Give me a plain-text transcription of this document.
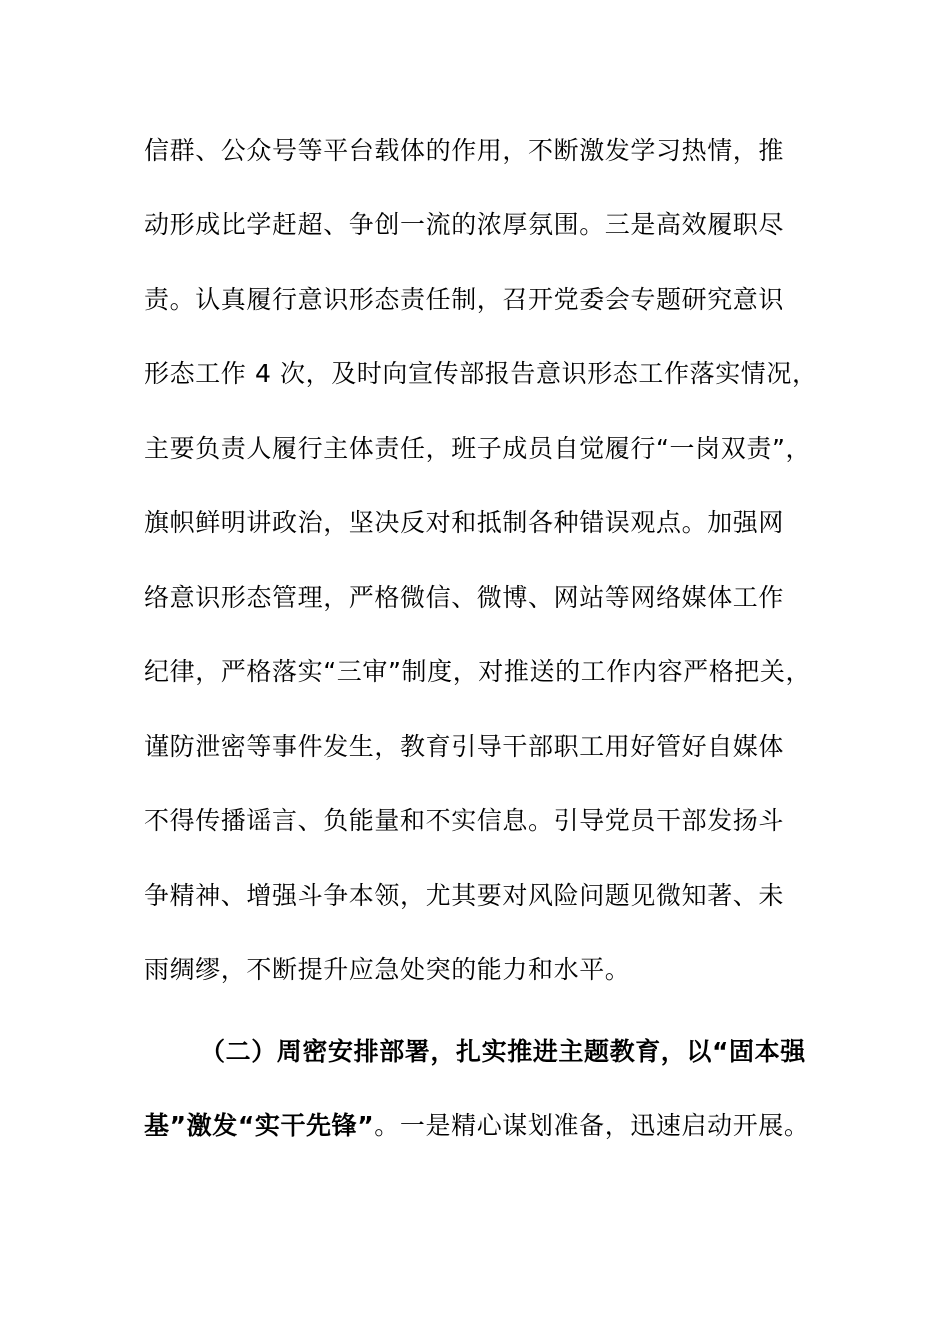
信群、公众号等平台载体的作用，不断激发学习热情，推
动形成比学赶超、争创一流的浓厚氛围。三是高效履职尽
责。认真履行意识形态责任制，召开党委会专题研究意识
形态工作 4 次，及时向宣传部报告意识形态工作落实情况，
主要负责人履行主体责任，班子成员自觉履行“一岗双责”，
旗帜鲜明讲政治，坚决反对和抵制各种错误观点。加强网
络意识形态管理，严格微信、微博、网站等网络媒体工作
纪律，严格落实“三审”制度，对推送的工作内容严格把关，
谨防泄密等事件发生，教育引导干部职工用好管好自媒体
不得传播谣言、负能量和不实信息。引导党员干部发扬斗
争精神、增强斗争本领，尤其要对风险问题见微知著、未
雨绸缪，不断提升应急处突的能力和水平。
（二）周密安排部署，扎实推进主题教育，以“固本强
基”激发“实干先锋”。一是精心谋划准备，迅速启动开展。
